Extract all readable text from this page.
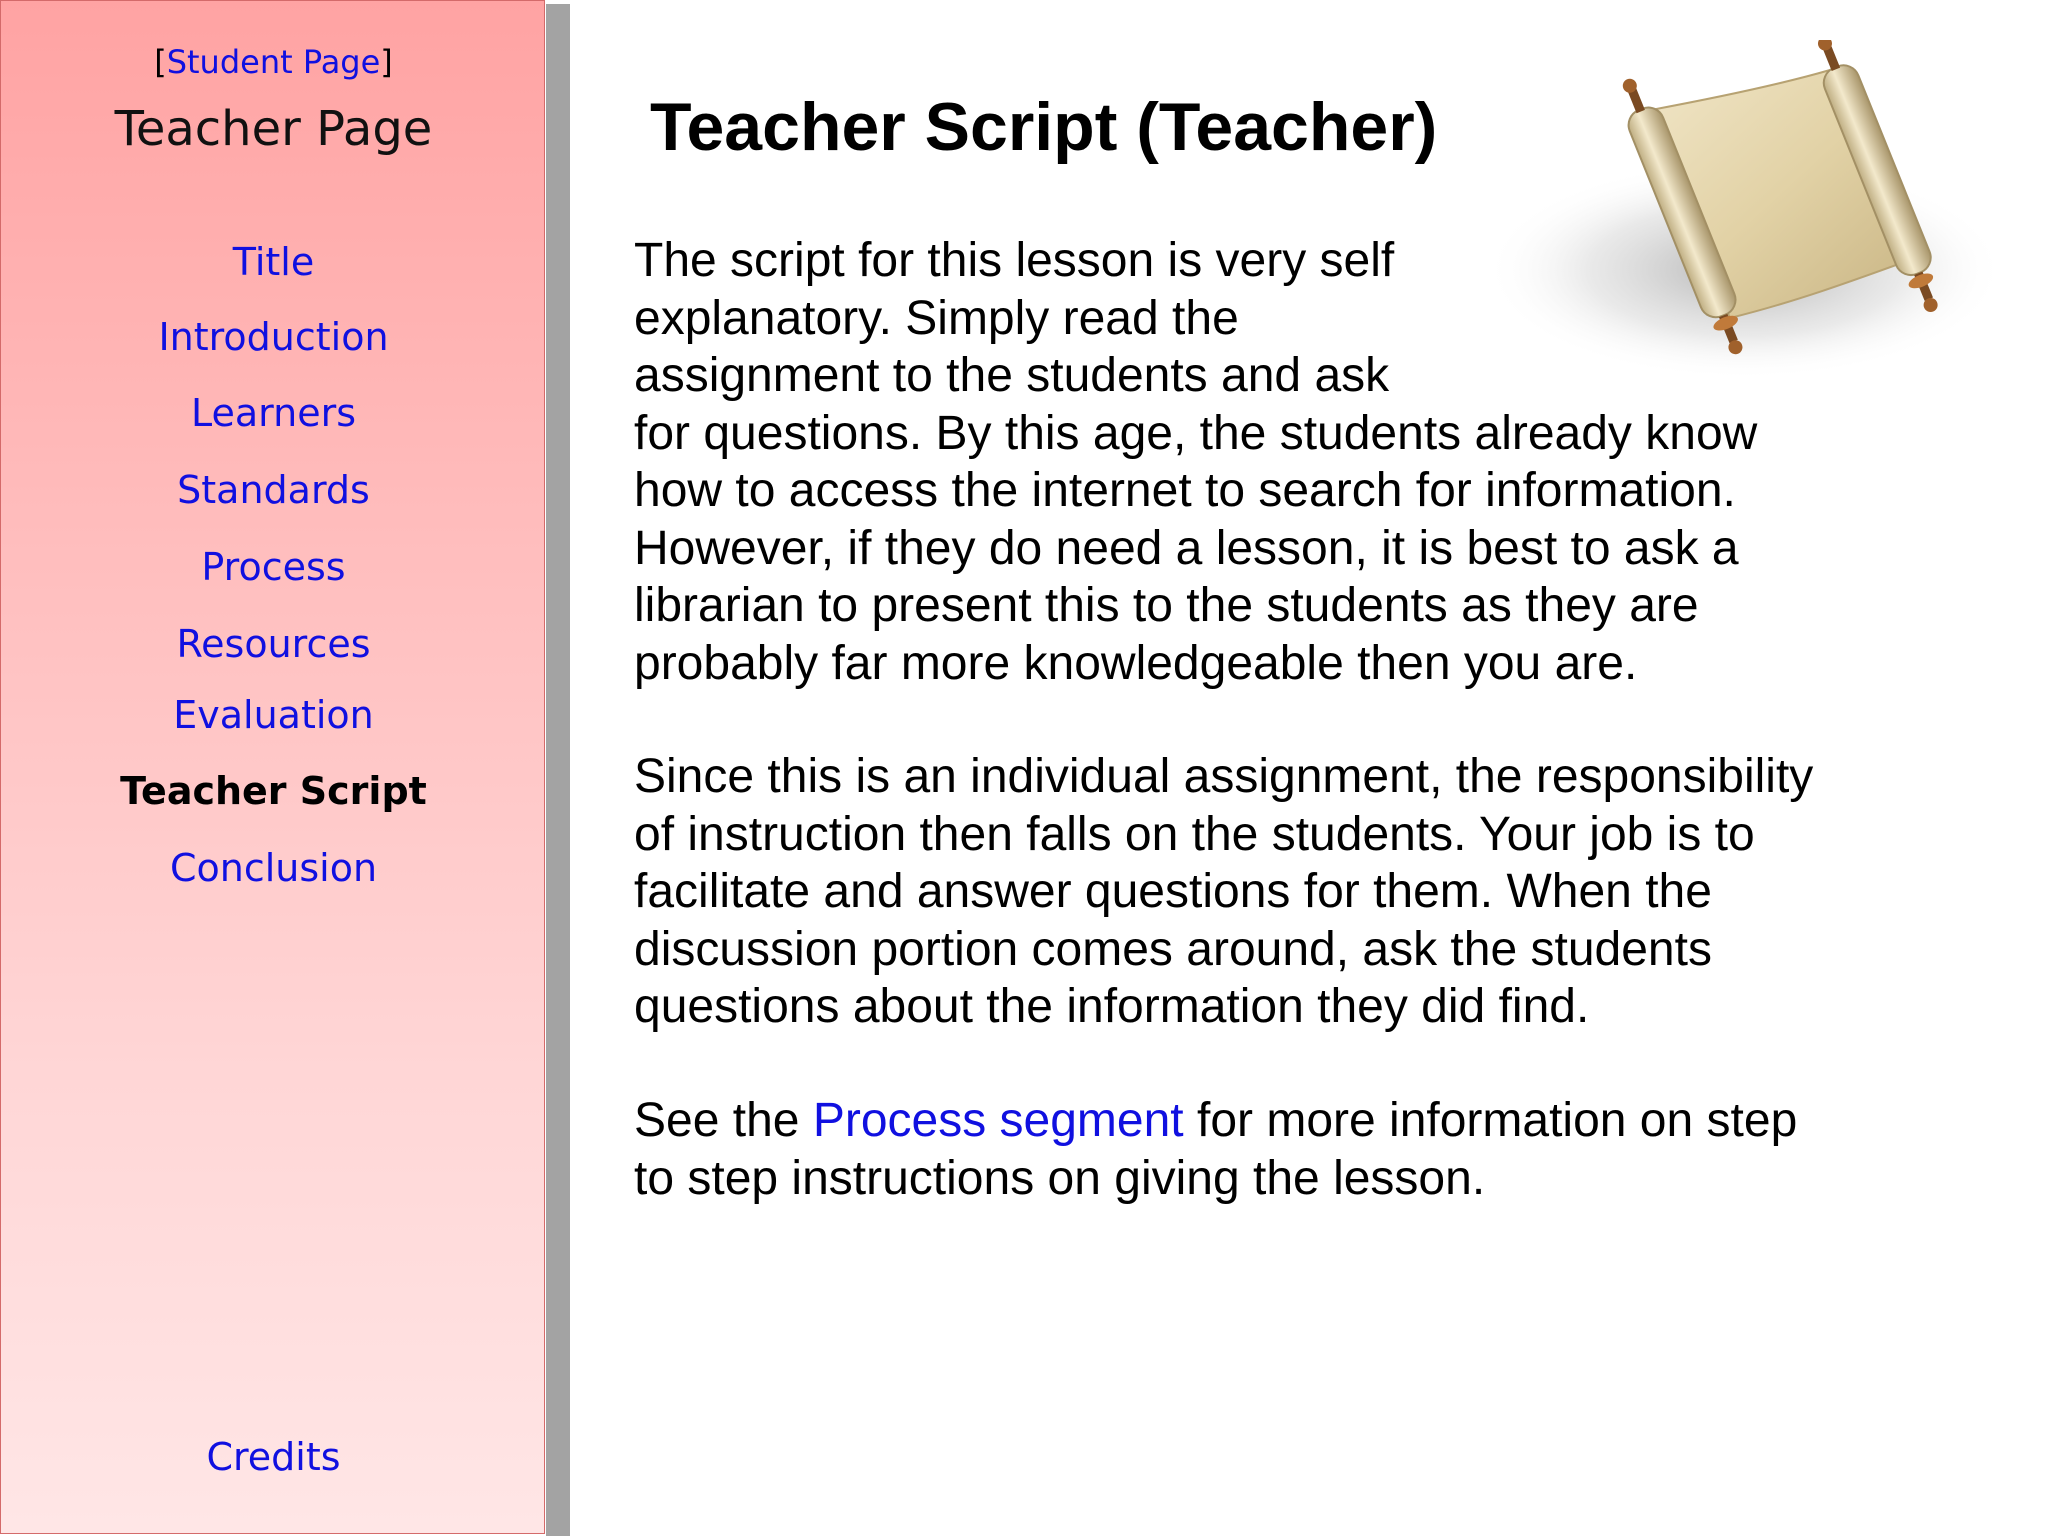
[Student Page]
Teacher Page
Title
Introduction
Learners
Standards
Process
Resources
Evaluation
Teacher Script
Conclusion
Credits
Teacher Script (Teacher)

The script for this lesson is very self
explanatory. Simply read the
assignment to the students and ask
for questions. By this age, the students already know
how to access the internet to search for information.
However, if they do need a lesson, it is best to ask a
librarian to present this to the students as they are
probably far more knowledgeable then you are.

Since this is an individual assignment, the responsibility
of instruction then falls on the students. Your job is to
facilitate and answer questions for them. When the
discussion portion comes around, ask the students
questions about the information they did find.

See the Process segment for more information on step
to step instructions on giving the lesson.
